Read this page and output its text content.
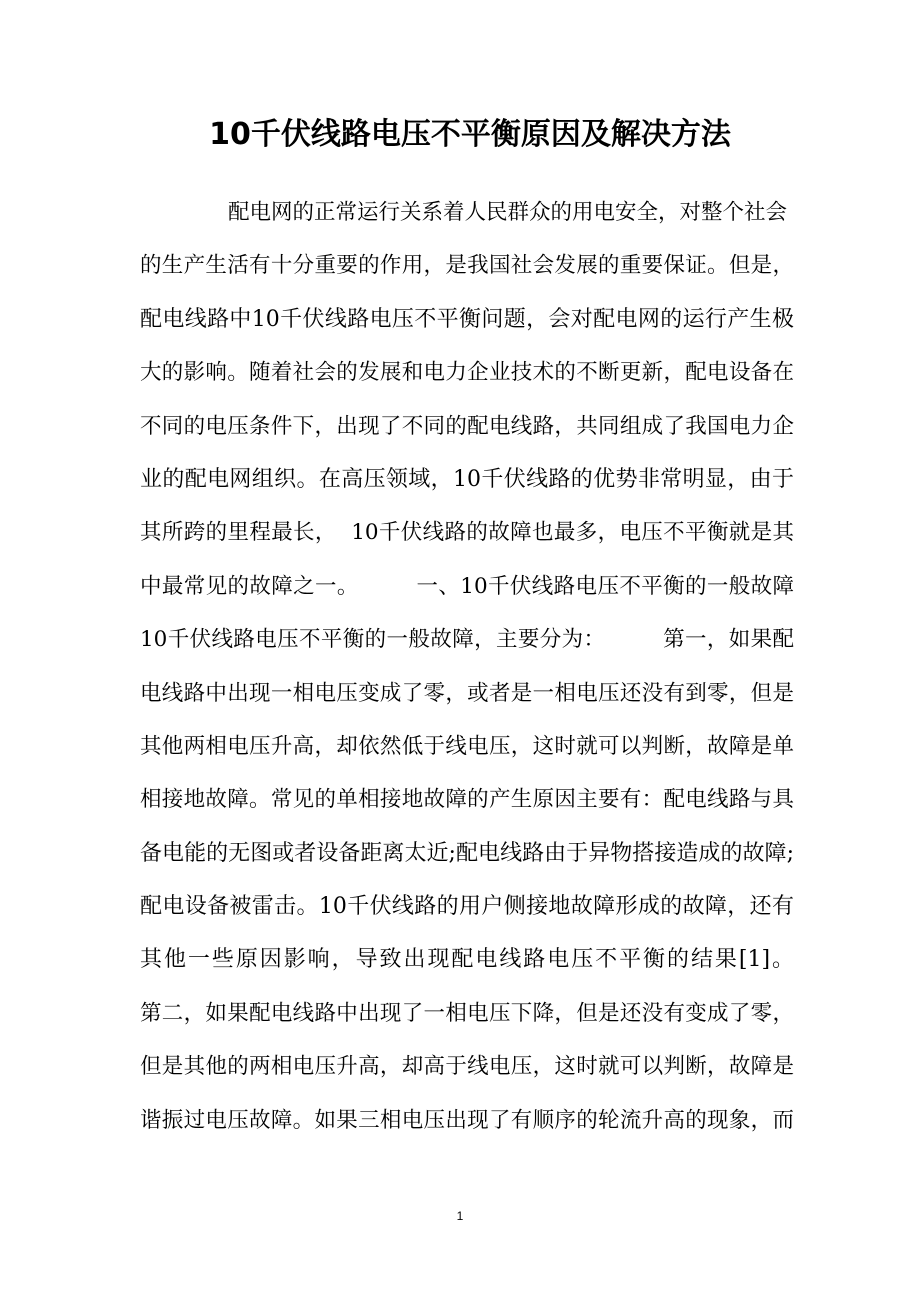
10千伏线路电压不平衡原因及解决方法
配电网的正常运行关系着人民群众的用电安全，对整个社会
的生产生活有十分重要的作用，是我国社会发展的重要保证。但是，
配电线路中10千伏线路电压不平衡问题，会对配电网的运行产生极
大的影响。随着社会的发展和电力企业技术的不断更新，配电设备在
不同的电压条件下，出现了不同的配电线路，共同组成了我国电力企
业的配电网组织。在高压领域，10千伏线路的优势非常明显，由于
其所跨的里程最长，  10千伏线路的故障也最多，电压不平衡就是其
中最常见的故障之一。        一、10千伏线路电压不平衡的一般故障
10千伏线路电压不平衡的一般故障，主要分为：        第一，如果配
电线路中出现一相电压变成了零，或者是一相电压还没有到零，但是
其他两相电压升高，却依然低于线电压，这时就可以判断，故障是单
相接地故障。常见的单相接地故障的产生原因主要有：配电线路与具
备电能的无图或者设备距离太近;配电线路由于异物搭接造成的故障;
配电设备被雷击。10千伏线路的用户侧接地故障形成的故障，还有
其他一些原因影响，导致出现配电线路电压不平衡的结果[1]。
第二，如果配电线路中出现了一相电压下降，但是还没有变成了零，
但是其他的两相电压升高，却高于线电压，这时就可以判断，故障是
谐振过电压故障。如果三相电压出现了有顺序的轮流升高的现象，而
1
